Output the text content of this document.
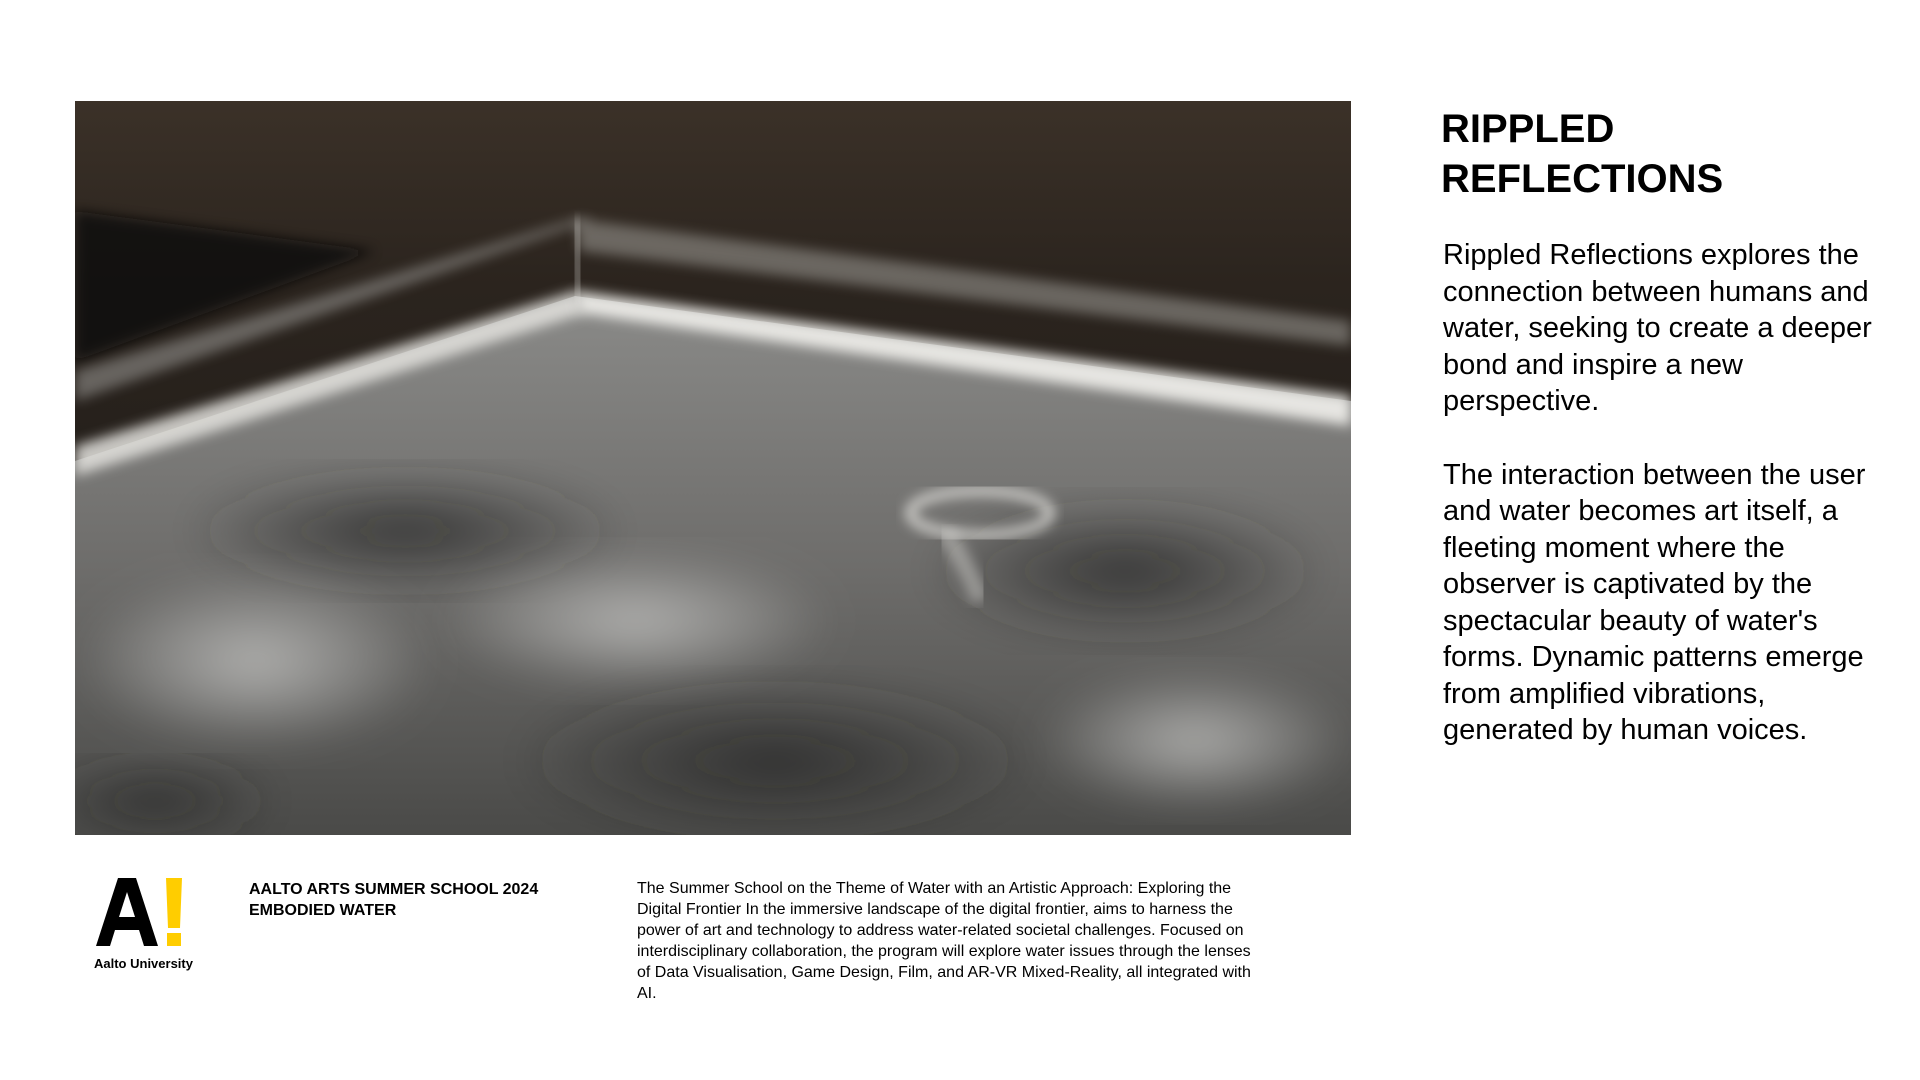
RIPPLED
REFLECTIONS

Rippled Reflections explores the connection between humans and water, seeking to create a deeper bond and inspire a new perspective.

The interaction between the user and water becomes art itself, a fleeting moment where the observer is captivated by the spectacular beauty of water's forms. Dynamic patterns emerge from amplified vibrations, generated by human voices.

Aalto University
AALTO ARTS SUMMER SCHOOL 2024
EMBODIED WATER
The Summer School on the Theme of Water with an Artistic Approach: Exploring the Digital Frontier In the immersive landscape of the digital frontier, aims to harness the power of art and technology to address water-related societal challenges. Focused on interdisciplinary collaboration, the program will explore water issues through the lenses of Data Visualisation, Game Design, Film, and AR-VR Mixed-Reality, all integrated with AI.
